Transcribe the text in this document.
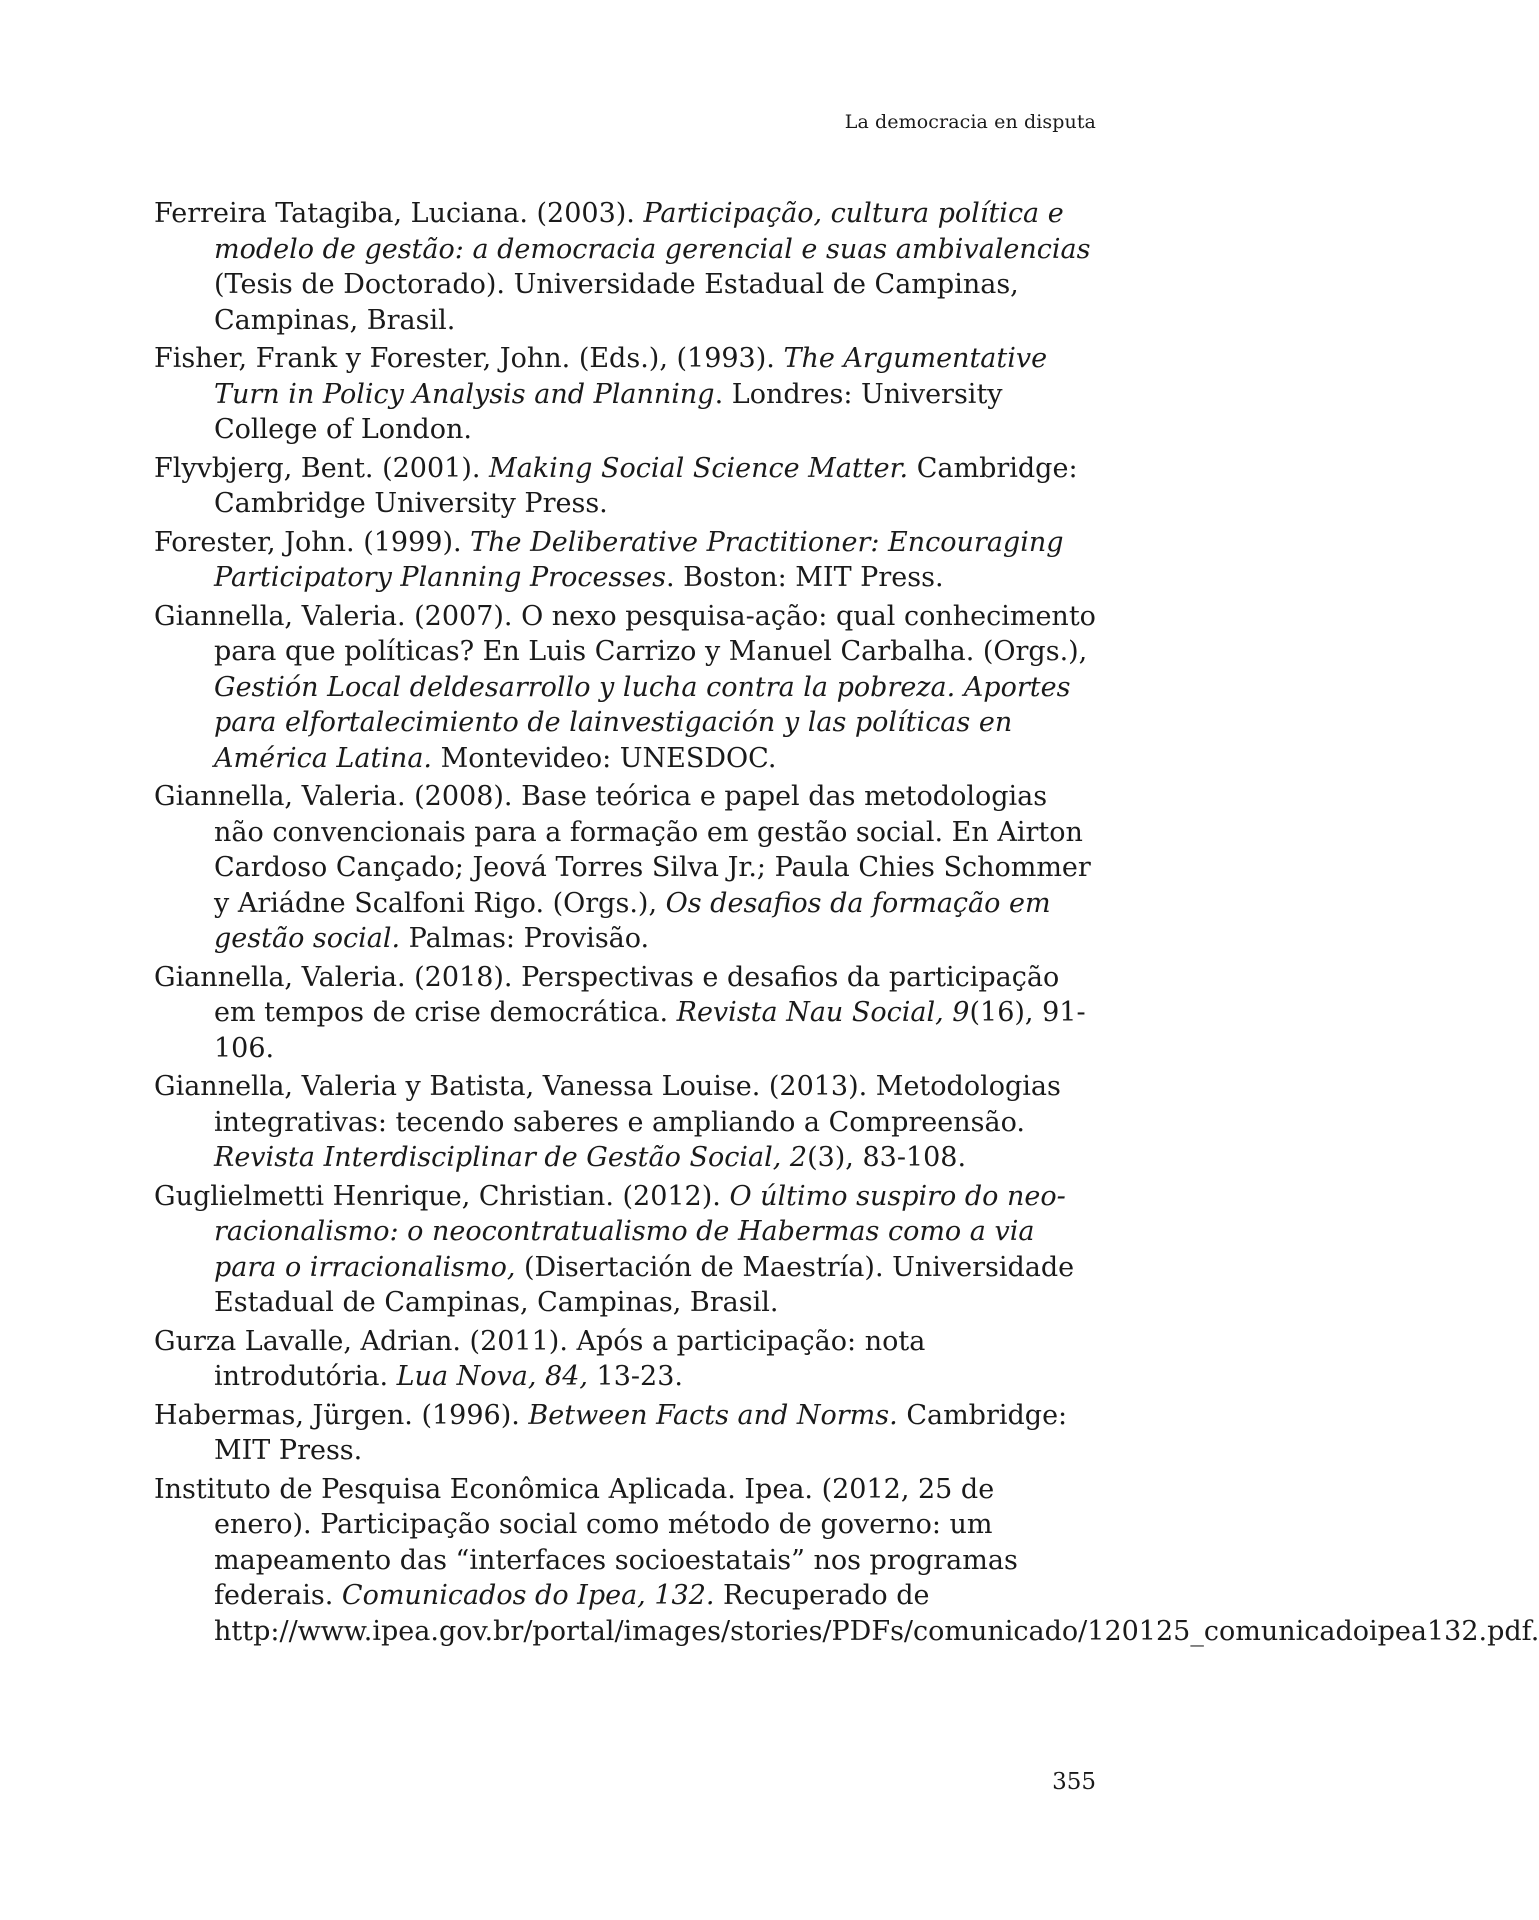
La democracia en disputa

Ferreira Tatagiba, Luciana. (2003). Participação, cultura política e modelo de gestão: a democracia gerencial e suas ambivalencias (Tesis de Doctorado). Universidade Estadual de Campinas, Campinas, Brasil.

Fisher, Frank y Forester, John. (Eds.), (1993). The Argumentative Turn in Policy Analysis and Planning. Londres: University College of London.

Flyvbjerg, Bent. (2001). Making Social Science Matter. Cambridge: Cambridge University Press.

Forester, John. (1999). The Deliberative Practitioner: Encouraging Participatory Planning Processes. Boston: MIT Press.

Giannella, Valeria. (2007). O nexo pesquisa-ação: qual conhecimento para que políticas? En Luis Carrizo y Manuel Carbalha. (Orgs.), Gestión Local deldesarrollo y lucha contra la pobreza. Aportes para elfortalecimiento de lainvestigación y las políticas en América Latina. Montevideo: UNESDOC.

Giannella, Valeria. (2008). Base teórica e papel das metodologias não convencionais para a formação em gestão social. En Airton Cardoso Cançado; Jeová Torres Silva Jr.; Paula Chies Schommer y Ariádne Scalfoni Rigo. (Orgs.), Os desafios da formação em gestão social. Palmas: Provisão.

Giannella, Valeria. (2018). Perspectivas e desafios da participação em tempos de crise democrática. Revista Nau Social, 9(16), 91-106.

Giannella, Valeria y Batista, Vanessa Louise. (2013). Metodologias integrativas: tecendo saberes e ampliando a Compreensão. Revista Interdisciplinar de Gestão Social, 2(3), 83-108.

Guglielmetti Henrique, Christian. (2012). O último suspiro do neo-racionalismo: o neocontratualismo de Habermas como a via para o irracionalismo, (Disertación de Maestría). Universidade Estadual de Campinas, Campinas, Brasil.

Gurza Lavalle, Adrian. (2011). Após a participação: nota introdutória. Lua Nova, 84, 13-23.

Habermas, Jürgen. (1996). Between Facts and Norms. Cambridge: MIT Press.

Instituto de Pesquisa Econômica Aplicada. Ipea. (2012, 25 de enero). Participação social como método de governo: um mapeamento das “interfaces socioestatais” nos programas federais. Comunicados do Ipea, 132. Recuperado de http://www.ipea.gov.br/portal/images/stories/PDFs/comunicado/120125_comunicadoipea132.pdf.

355
